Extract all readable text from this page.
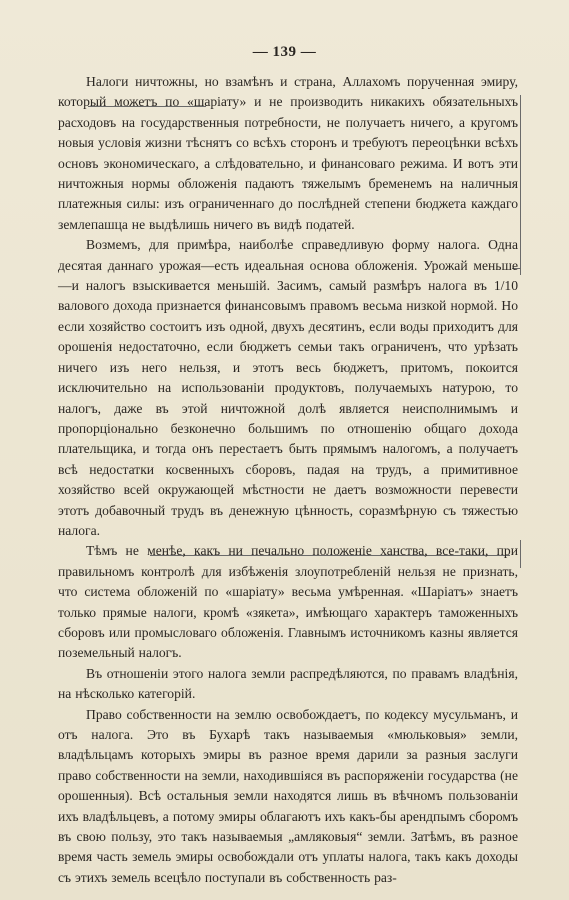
— 139 —

Налоги ничтожны, но взамѣнъ и страна, Аллахомъ порученная эмиру, который можетъ по «шаріату» и не производить никакихъ обязательныхъ расходовъ на государственныя потребности, не получаетъ ничего, а кругомъ новыя условія жизни тѣснятъ со всѣхъ сторонъ и требуютъ переоцѣнки всѣхъ основъ экономическаго, а слѣдовательно, и финансоваго режима. И вотъ эти ничтожныя нормы обложенія падаютъ тяжелымъ бременемъ на наличныя платежныя силы: изъ ограниченнаго до послѣдней степени бюджета каждаго землепашца не выдѣлишь ничего въ видѣ податей.

Возмемъ, для примѣра, наиболѣе справедливую форму налога. Одна десятая даннаго урожая—есть идеальная основа обложенія. Урожай меньше—и налогъ взыскивается меньшій. Засимъ, самый размѣръ налога въ 1/10 валового дохода признается финансовымъ правомъ весьма низкой нормой. Но если хозяйство состоитъ изъ одной, двухъ десятинъ, если воды приходитъ для орошенія недостаточно, если бюджетъ семьи такъ ограниченъ, что урѣзать ничего изъ него нельзя, и этотъ весь бюджетъ, притомъ, покоится исключительно на использованіи продуктовъ, получаемыхъ натурою, то налогъ, даже въ этой ничтожной долѣ является неисполнимымъ и пропорціонально безконечно большимъ по отношенію общаго дохода плательщика, и тогда онъ перестаетъ быть прямымъ налогомъ, а получаетъ всѣ недостатки косвенныхъ сборовъ, падая на трудъ, а примитивное хозяйство всей окружающей мѣстности не даетъ возможности перевести этотъ добавочный трудъ въ денежную цѣнность, соразмѣрную съ тяжестью налога.

Тѣмъ не менѣе, какъ ни печально положеніе ханства, все-таки, при правильномъ контролѣ для избѣженія злоупотребленій нельзя не признать, что система обложеній по «шаріату» весьма умѣренная. «Шаріатъ» знаетъ только прямые налоги, кромѣ «зякета», имѣющаго характеръ таможенныхъ сборовъ или промысловаго обложенія. Главнымъ источникомъ казны является поземельный налогъ.

Въ отношеніи этого налога земли распредѣляются, по правамъ владѣнія, на нѣсколько категорій.

Право собственности на землю освобождаетъ, по кодексу мусульманъ, и отъ налога. Это въ Бухарѣ такъ называемыя «мюльковыя» земли, владѣльцамъ которыхъ эмиры въ разное время дарили за разныя заслуги право собственности на земли, находившіяся въ распоряженіи государства (не орошенныя). Всѣ остальныя земли находятся лишь въ вѣчномъ пользованіи ихъ владѣльцевъ, а потому эмиры облагаютъ ихъ какъ-бы арендпымъ сборомъ въ свою пользу, это такъ называемыя „амляковыя“ земли. Затѣмъ, въ разное время часть земель эмиры освобождали отъ уплаты налога, такъ какъ доходы съ этихъ земель всецѣло поступали въ собственность раз-
